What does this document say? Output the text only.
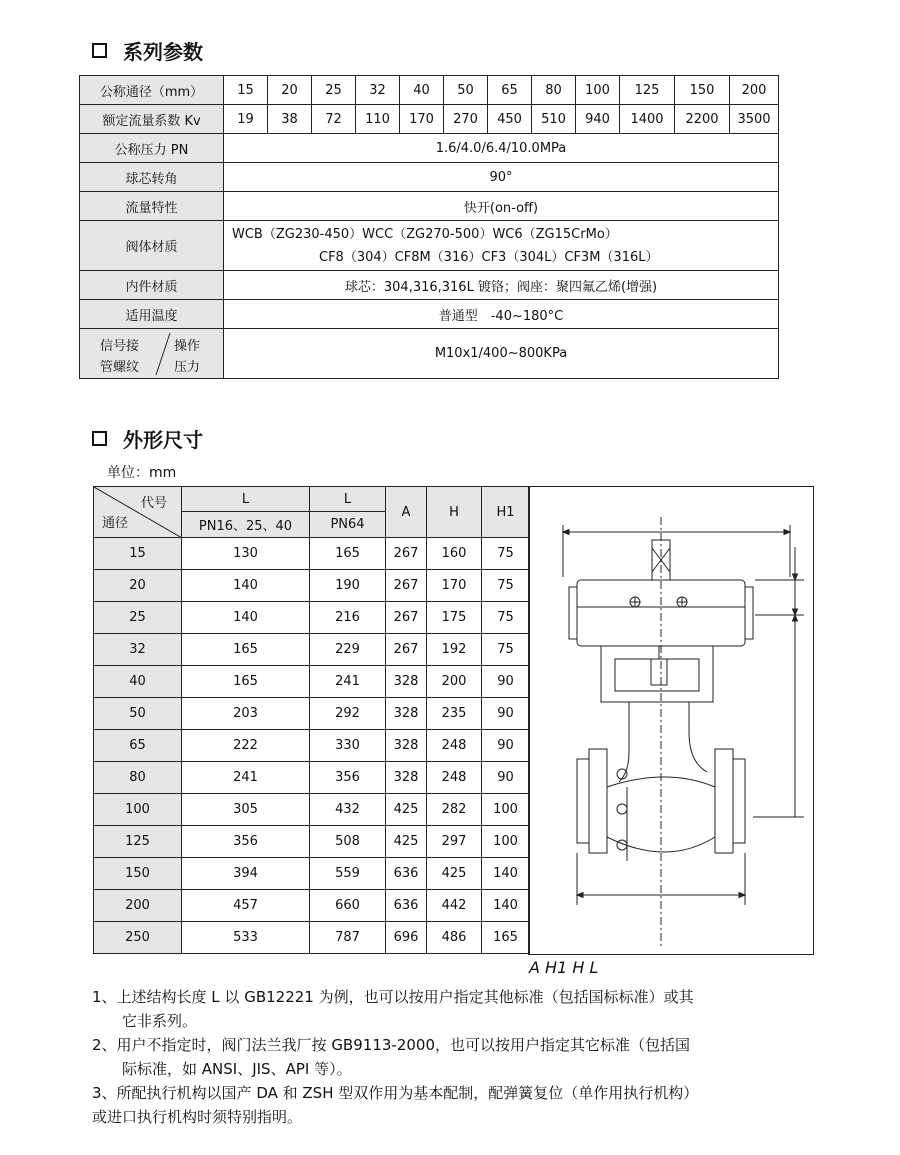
系列参数
公称通径（mm）	15	20	25	32	40	50	65	80	100	125	150	200
额定流量系数 Kv	19	38	72	110	170	270	450	510	940	1400	2200	3500
公称压力 PN	1.6/4.0/6.4/10.0MPa											
球芯转角	90°											
流量特性	快开(on-off)											
阀体材质	WCB（ZG230-450）WCC（ZG270-500）WC6（ZG15CrMo）
CF8（304）CF8M（316）CF3（304L）CF3M（316L）											

内件材质	球芯：304,316,316L 镀铬；阀座：聚四氟乙烯(增强)											
适用温度	普通型　-40~180°C											

信号接
管螺纹
操作
压力	M10x1/400~800KPa											
外形尺寸
单位：mm
代号
通径	L	L	A	H	H1
	PN16、25、40	PN64			
15	130	165	267	160	75
20	140	190	267	170	75
25	140	216	267	175	75
32	165	229	267	192	75
40	165	241	328	200	90
50	203	292	328	235	90
65	222	330	328	248	90
80	241	356	328	248	90
100	305	432	425	282	100
125	356	508	425	297	100
150	394	559	636	425	140
200	457	660	636	442	140
250	533	787	696	486	165
A H1 H L

1、上述结构长度 L 以 GB12221 为例，也可以按用户指定其他标准（包括国标标准）或其

它非系列。

2、用户不指定时，阀门法兰我厂按 GB9113-2000，也可以按用户指定其它标准（包括国

际标准，如 ANSI、JIS、API 等）。

3、所配执行机构以国产 DA 和 ZSH 型双作用为基本配制，配弹簧复位（单作用执行机构）

或进口执行机构时须特别指明。
